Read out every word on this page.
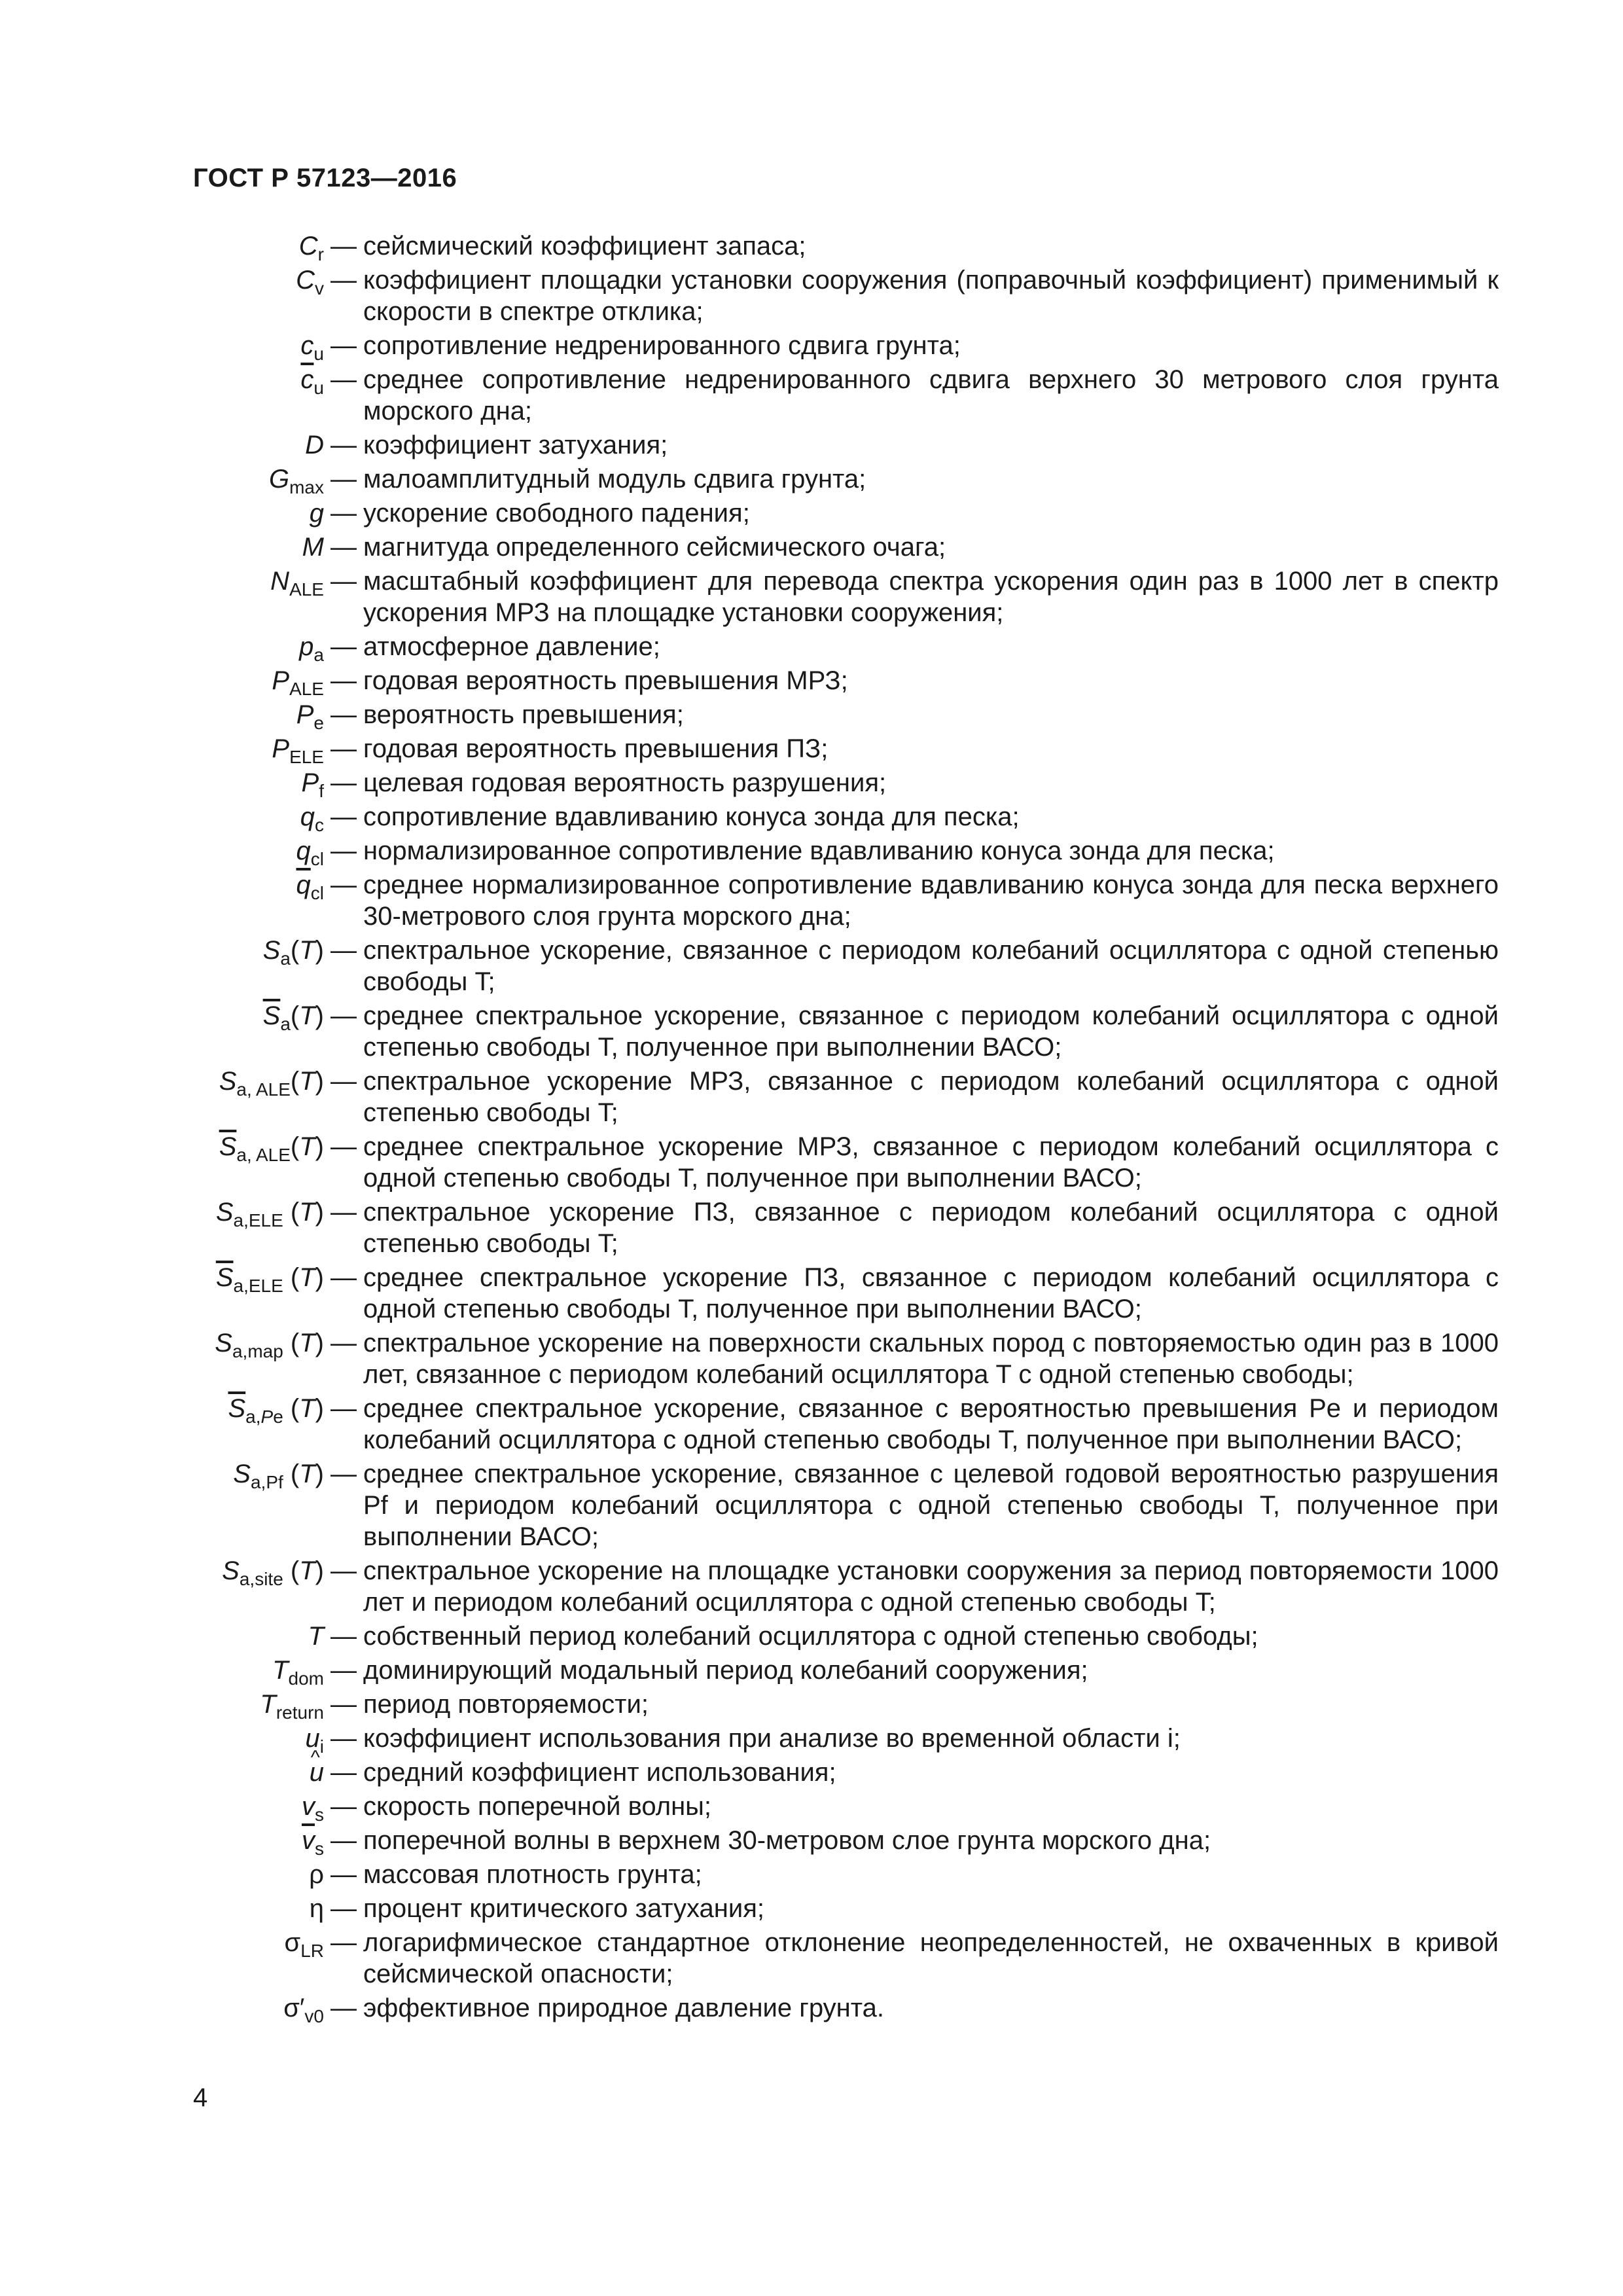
ГОСТ Р 57123—2016
$C_r$ — сейсмический коэффициент запаса;
$C_v$ — коэффициент площадки установки сооружения (поправочный коэффициент) применимый к скорости в спектре отклика;
$c_u$ — сопротивление недренированного сдвига грунта;
$\overline{c}_u$ — среднее сопротивление недренированного сдвига верхнего 30 метрового слоя грунта морского дна;
D — коэффициент затухания;
$G_{max}$ — малоамплитудный модуль сдвига грунта;
g — ускорение свободного падения;
M — магнитуда определенного сейсмического очага;
$N_{ALE}$ — масштабный коэффициент для перевода спектра ускорения один раз в 1000 лет в спектр ускорения МРЗ на площадке установки сооружения;
$p_a$ — атмосферное давление;
$P_{ALE}$ — годовая вероятность превышения МРЗ;
$P_e$ — вероятность превышения;
$P_{ELE}$ — годовая вероятность превышения ПЗ;
$P_f$ — целевая годовая вероятность разрушения;
$q_c$ — сопротивление вдавливанию конуса зонда для песка;
$q_{cl}$ — нормализированное сопротивление вдавливанию конуса зонда для песка;
$\overline{q}_{cl}$ — среднее нормализированное сопротивление вдавливанию конуса зонда для песка верхнего 30-метрового слоя грунта морского дна;
$S_a(T)$ — спектральное ускорение, связанное с периодом колебаний осциллятора с одной степенью свободы T;
$\overline{S}_a(T)$ — среднее спектральное ускорение, связанное с периодом колебаний осциллятора с одной степенью свободы T, полученное при выполнении ВАСО;
$S_{a, ALE}(T)$ — спектральное ускорение МРЗ, связанное с периодом колебаний осциллятора с одной степенью свободы T;
$\overline{S}_{a, ALE}(T)$ — среднее спектральное ускорение МРЗ, связанное с периодом колебаний осциллятора с одной степенью свободы T, полученное при выполнении ВАСО;
$S_{a,ELE}$ (T) — спектральное ускорение ПЗ, связанное с периодом колебаний осциллятора с одной степенью свободы T;
$\overline{S}_{a,ELE}$ (T) — среднее спектральное ускорение ПЗ, связанное с периодом колебаний осциллятора с одной степенью свободы T, полученное при выполнении ВАСО;
$S_{a,map}$ (T) — спектральное ускорение на поверхности скальных пород с повторяемостью один раз в 1000 лет, связанное с периодом колебаний осциллятора T с одной степенью свободы;
$\overline{S}_{a,Pe}$ (T) — среднее спектральное ускорение, связанное с вероятностью превышения Pe и периодом колебаний осциллятора с одной степенью свободы T, полученное при выполнении ВАСО;
$S_{a,Pf}$ (T) — среднее спектральное ускорение, связанное с целевой годовой вероятностью разрушения Pf и периодом колебаний осциллятора с одной степенью свободы T, полученное при выполнении ВАСО;
$S_{a,site}$ (T) — спектральное ускорение на площадке установки сооружения за период повторяемости 1000 лет и периодом колебаний осциллятора с одной степенью свободы T;
T — собственный период колебаний осциллятора с одной степенью свободы;
$T_{dom}$ — доминирующий модальный период колебаний сооружения;
$T_{return}$ — период повторяемости;
$u_i$ — коэффициент использования при анализе во временной области i;
^ u — средний коэффициент использования;
$v_s$ — скорость поперечной волны;
$\overline{v}_s$ — поперечной волны в верхнем 30-метровом слое грунта морского дна;
ρ — массовая плотность грунта;
η — процент критического затухания;
$\sigma_{LR}$ — логарифмическое стандартное отклонение неопределенностей, не охваченных в кривой сейсмической опасности;
$\sigma'_{v0}$ — эффективное природное давление грунта.
4
